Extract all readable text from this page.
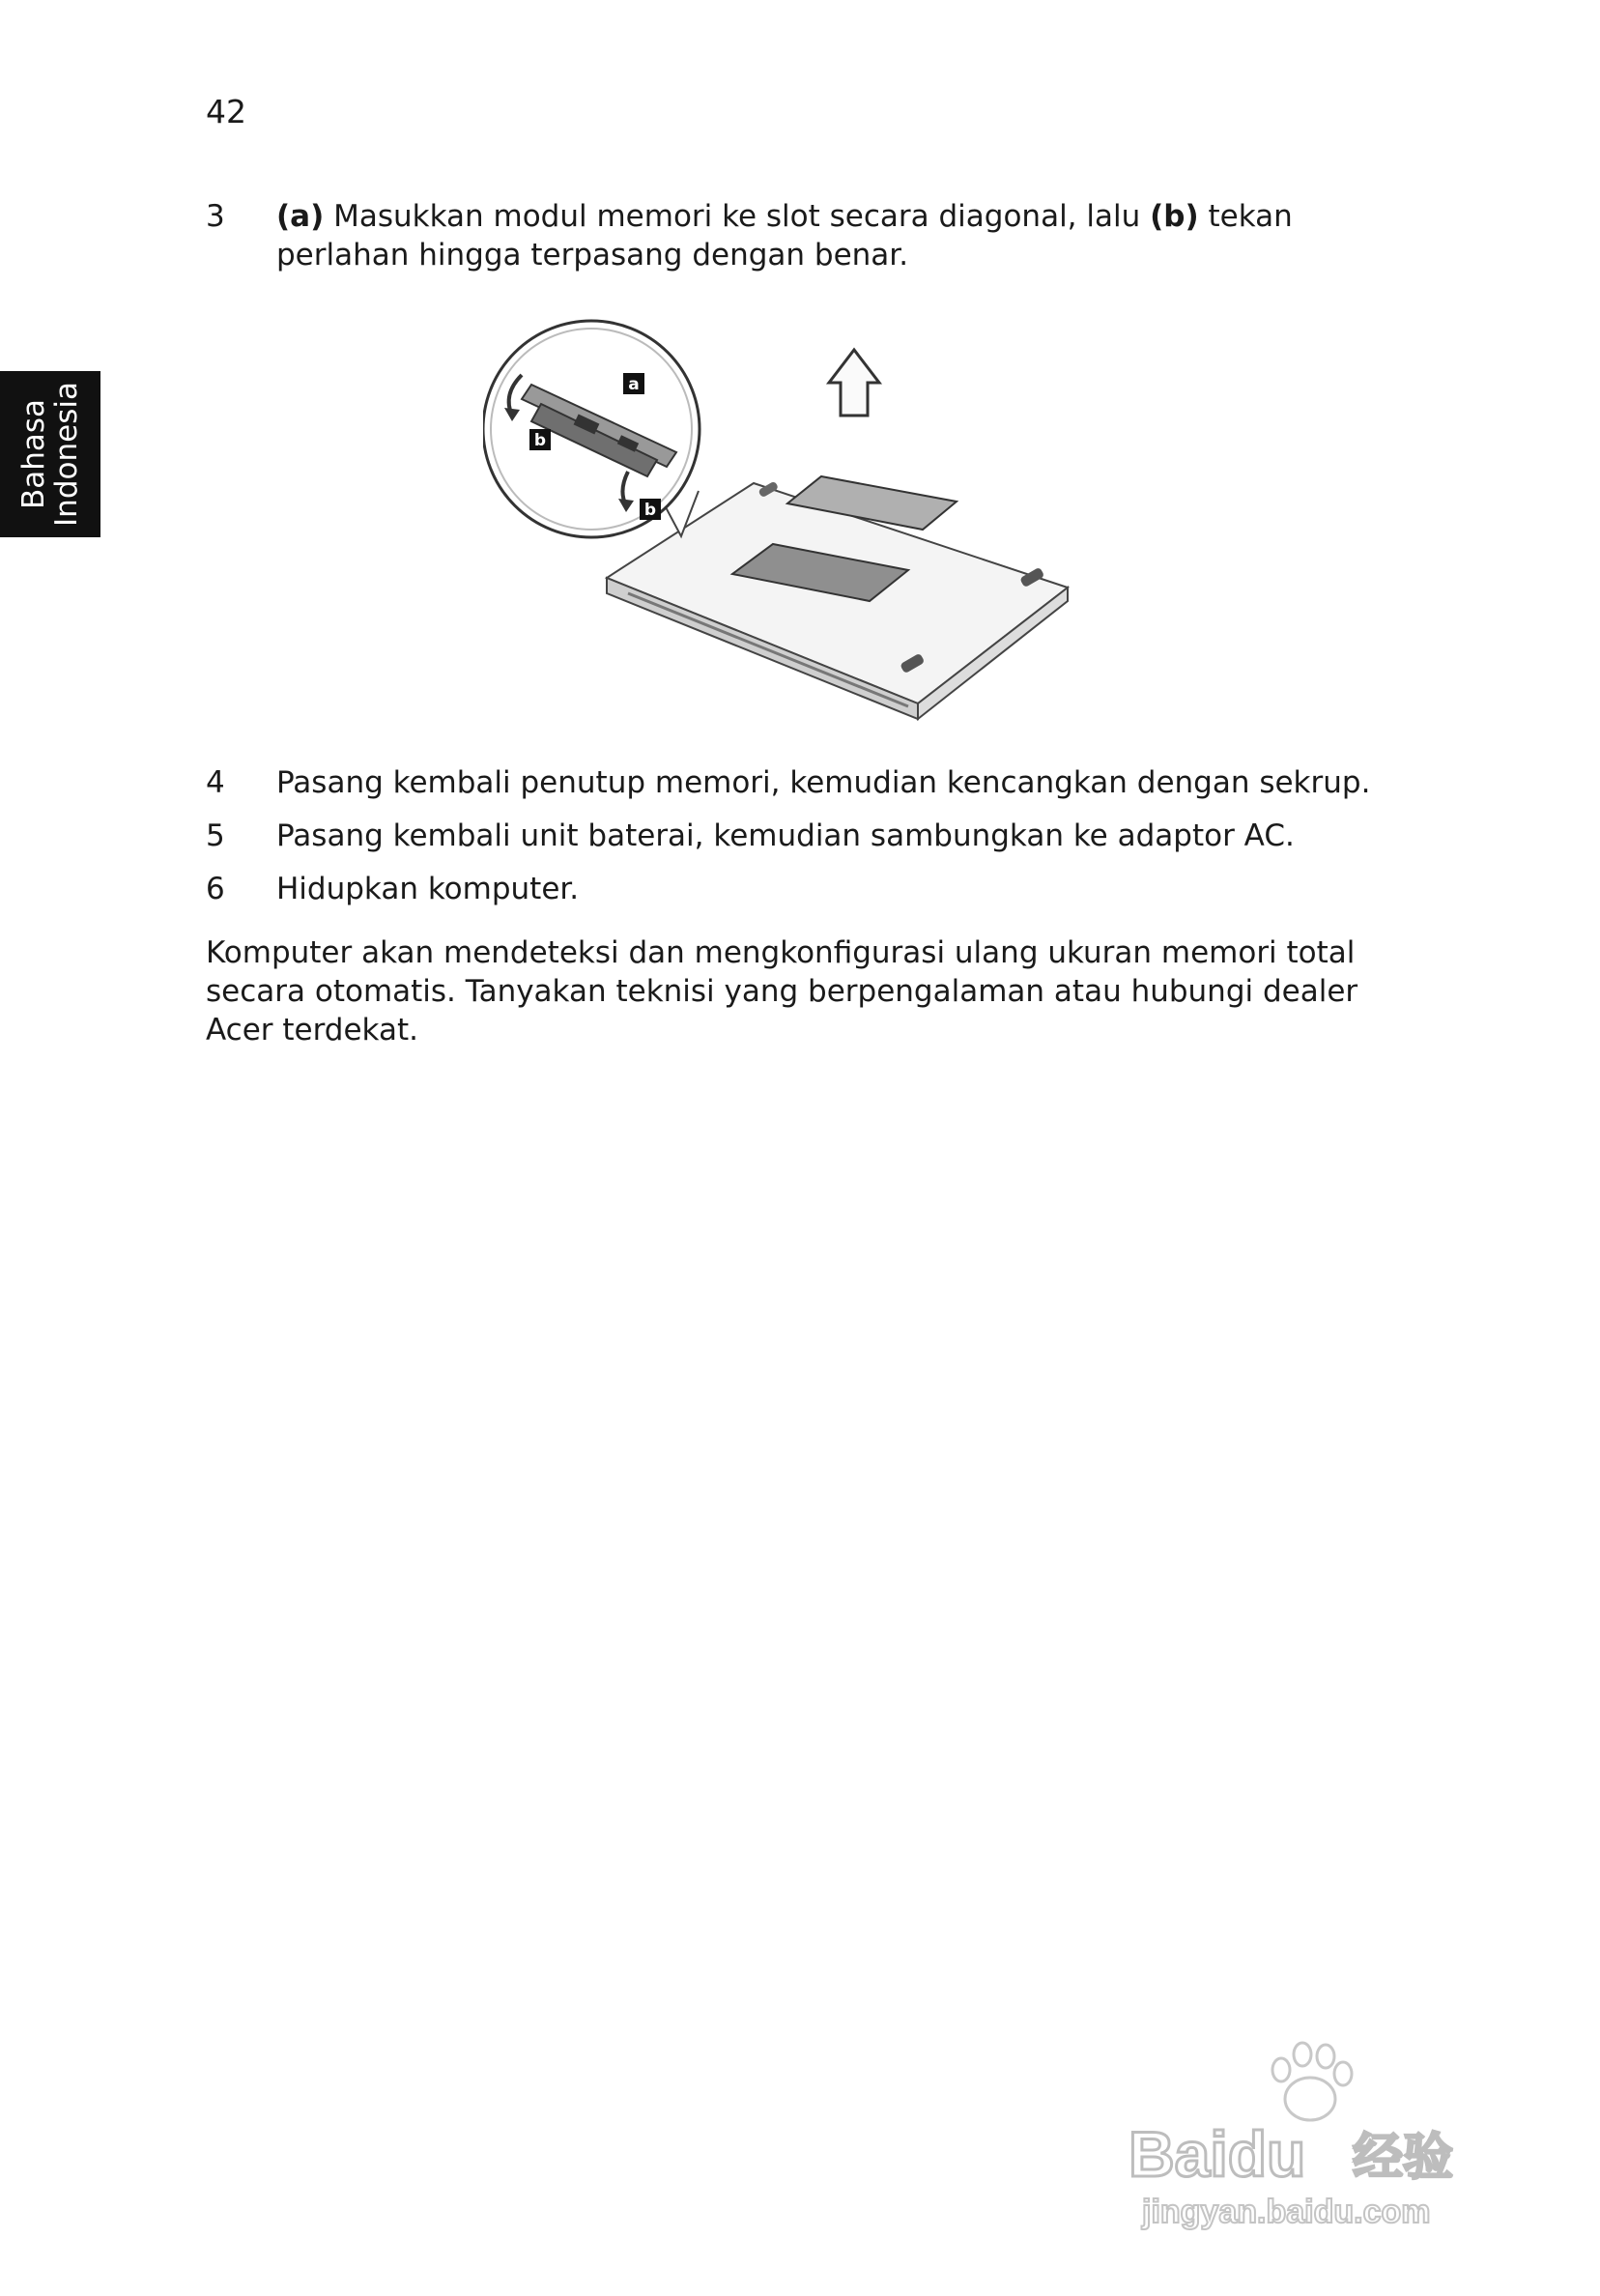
42
Bahasa
Indonesia
3	(a) Masukkan modul memori ke slot secara diagonal, lalu (b) tekan perlahan hingga terpasang dengan benar.
a
b
b
4	Pasang kembali penutup memori, kemudian kencangkan dengan sekrup.
5	Pasang kembali unit baterai, kemudian sambungkan ke adaptor AC.
6	Hidupkan komputer.
Komputer akan mendeteksi dan mengkonfigurasi ulang ukuran memori total secara otomatis. Tanyakan teknisi yang berpengalaman atau hubungi dealer Acer terdekat.
Baidu 经验
jingyan.baidu.com
